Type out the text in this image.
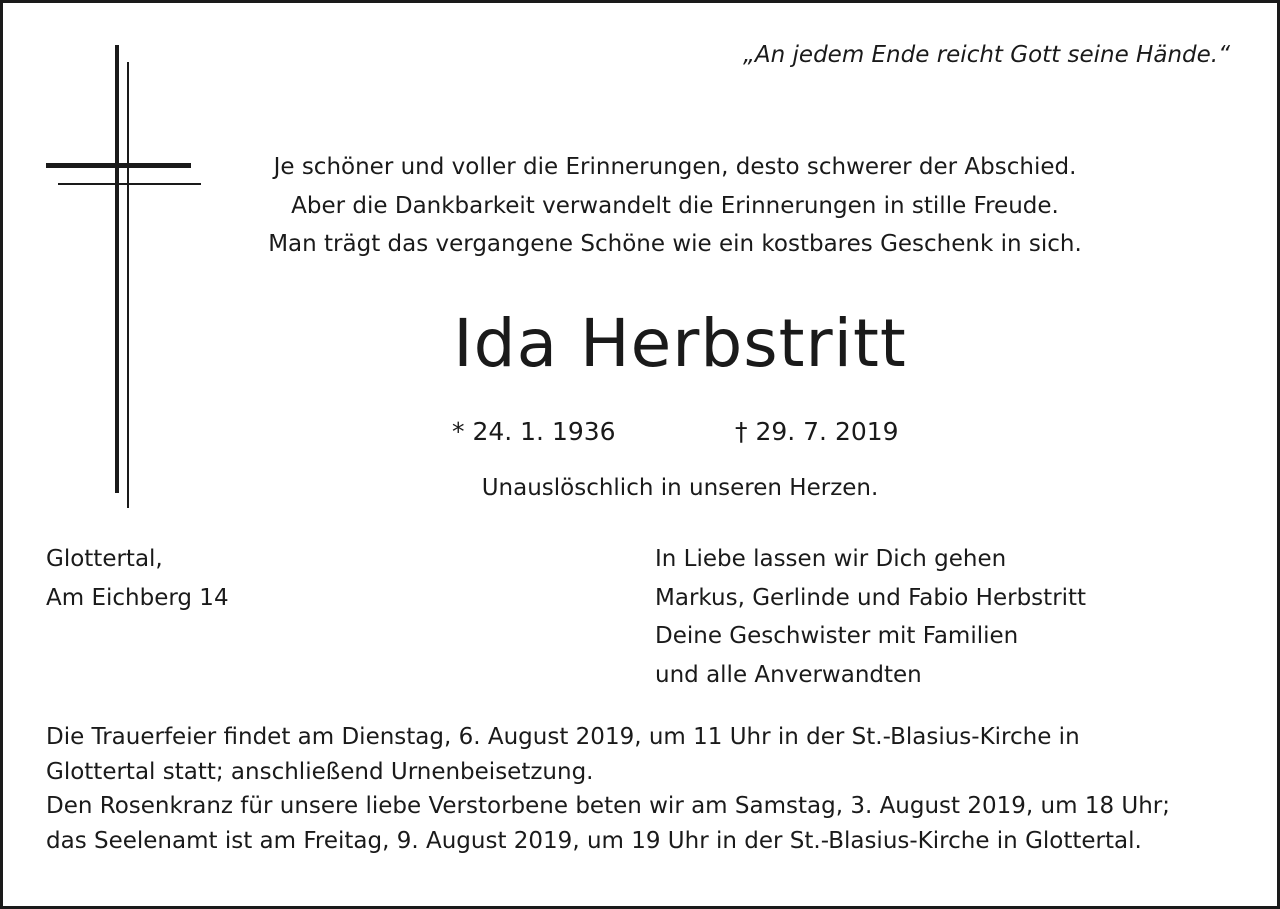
„An jedem Ende reicht Gott seine Hände.“
Je schöner und voller die Erinnerungen, desto schwerer der Abschied.
Aber die Dankbarkeit verwandelt die Erinnerungen in stille Freude.
Man trägt das vergangene Schöne wie ein kostbares Geschenk in sich.
Ida Herbstritt
* 24. 1. 1936	† 29. 7. 2019
Unauslöschlich in unseren Herzen.
Glottertal,
Am Eichberg 14
In Liebe lassen wir Dich gehen
Markus, Gerlinde und Fabio Herbstritt
Deine Geschwister mit Familien
und alle Anverwandten
Die Trauerfeier findet am Dienstag, 6. August 2019, um 11 Uhr in der St.-Blasius-Kirche in
Glottertal statt; anschließend Urnenbeisetzung.
Den Rosenkranz für unsere liebe Verstorbene beten wir am Samstag, 3. August 2019, um 18 Uhr;
das Seelenamt ist am Freitag, 9. August 2019, um 19 Uhr in der St.-Blasius-Kirche in Glottertal.
